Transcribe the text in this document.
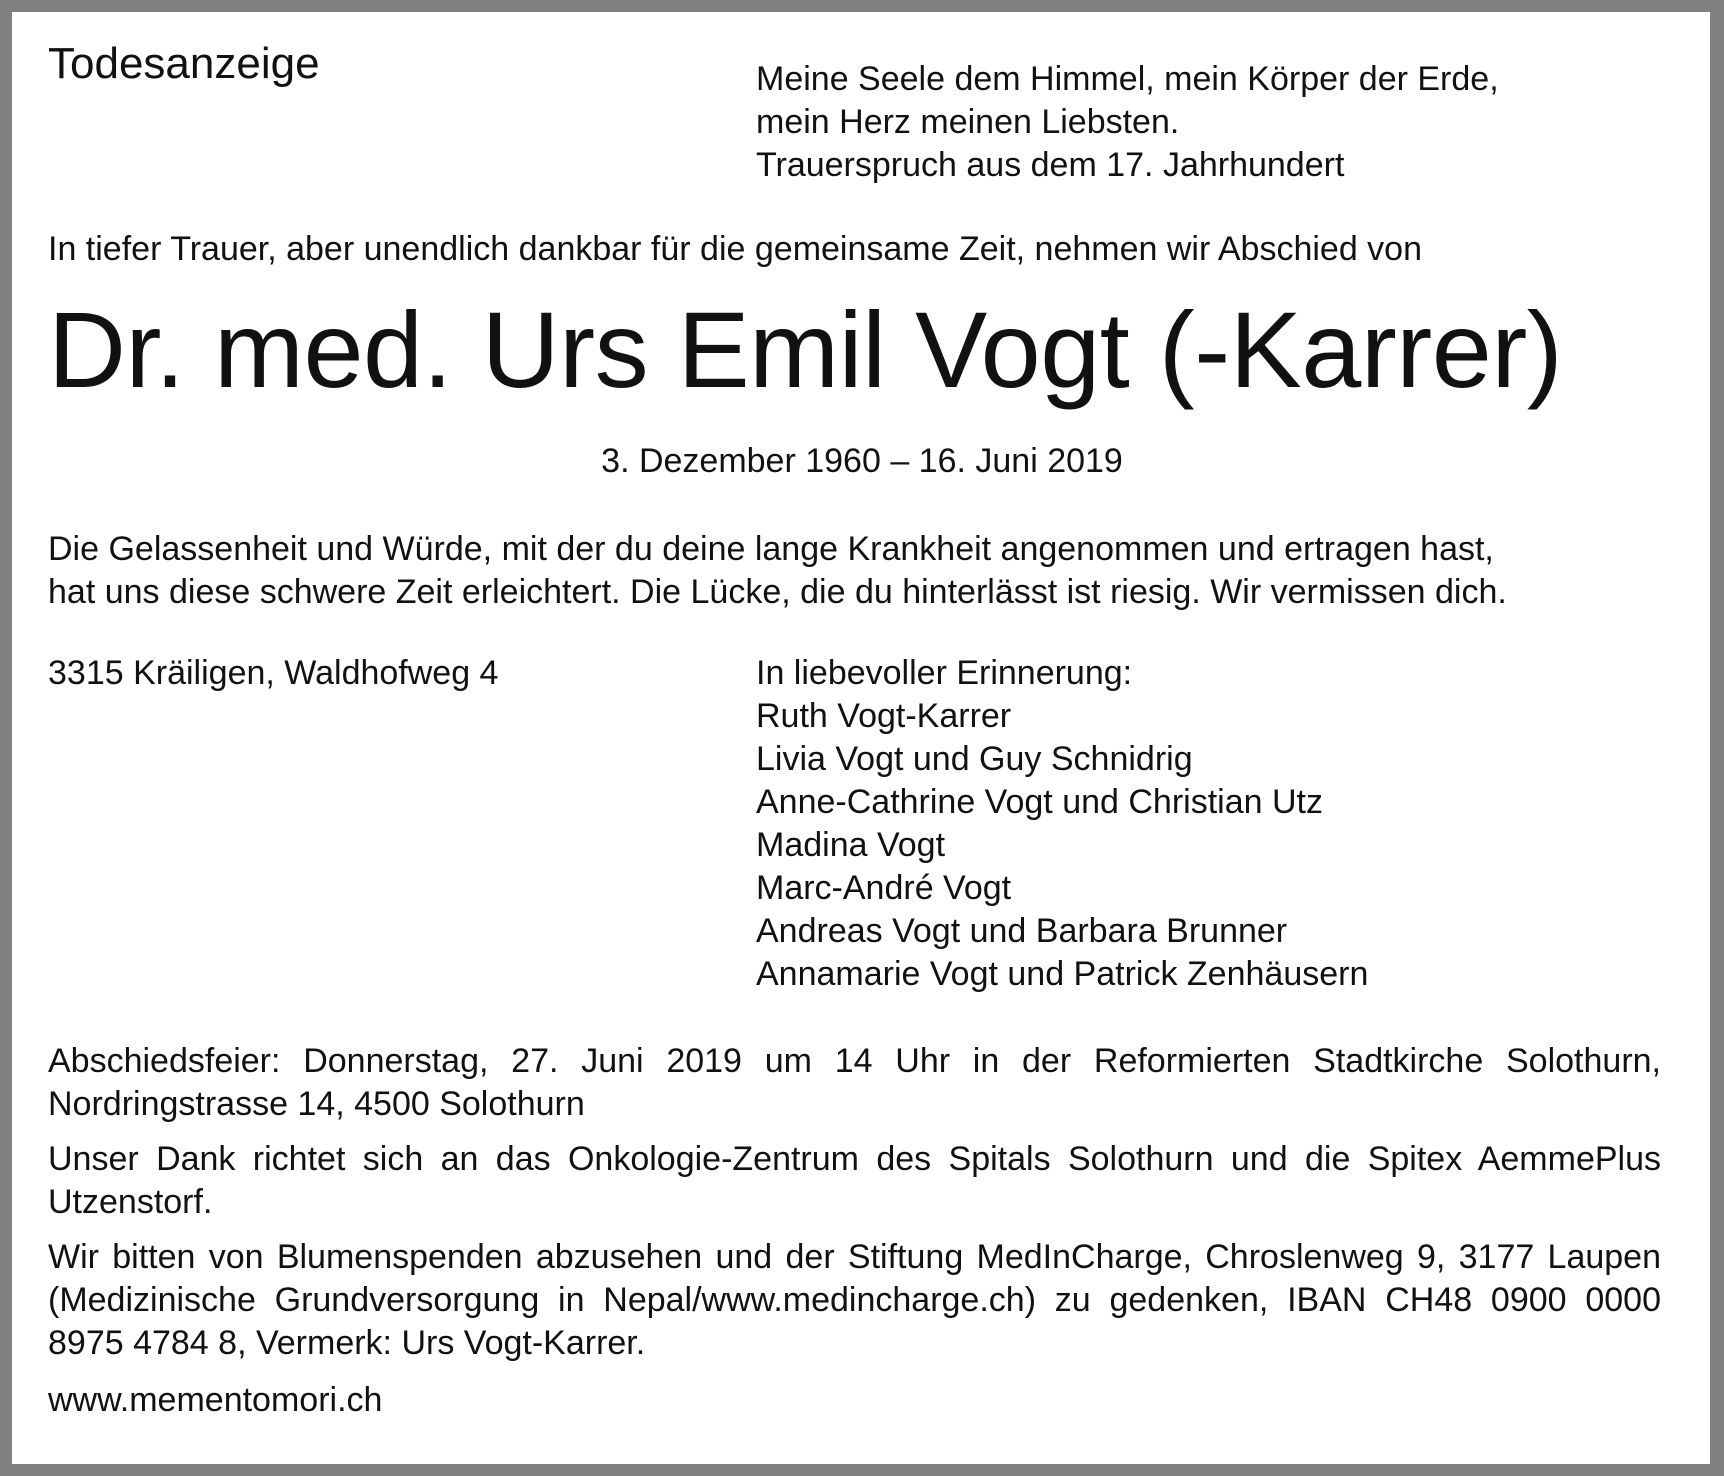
Todesanzeige	Meine Seele dem Himmel, mein Körper der Erde,
mein Herz meinen Liebsten.
Trauerspruch aus dem 17. Jahrhundert
In tiefer Trauer, aber unendlich dankbar für die gemeinsame Zeit, nehmen wir Abschied von
Dr. med. Urs Emil Vogt (-Karrer)
3. Dezember 1960 – 16. Juni 2019
Die Gelassenheit und Würde, mit der du deine lange Krankheit angenommen und ertragen hast,
hat uns diese schwere Zeit erleichtert. Die Lücke, die du hinterlässt ist riesig. Wir vermissen dich.
3315 Kräiligen, Waldhofweg 4	In liebevoller Erinnerung:
Ruth Vogt-Karrer
Livia Vogt und Guy Schnidrig
Anne-Cathrine Vogt und Christian Utz
Madina Vogt
Marc-André Vogt
Andreas Vogt und Barbara Brunner
Annamarie Vogt und Patrick Zenhäusern
Abschiedsfeier: Donnerstag, 27. Juni 2019 um 14 Uhr in der Reformierten Stadtkirche Solothurn, Nordringstrasse 14, 4500 Solothurn
Unser Dank richtet sich an das Onkologie-Zentrum des Spitals Solothurn und die Spitex AemmePlus Utzenstorf.
Wir bitten von Blumenspenden abzusehen und der Stiftung MedInCharge, Chroslenweg 9, 3177 Laupen (Medizinische Grundversorgung in Nepal/www.medincharge.ch) zu gedenken, IBAN CH48 0900 0000 8975 4784 8, Vermerk: Urs Vogt-Karrer.
www.mementomori.ch
